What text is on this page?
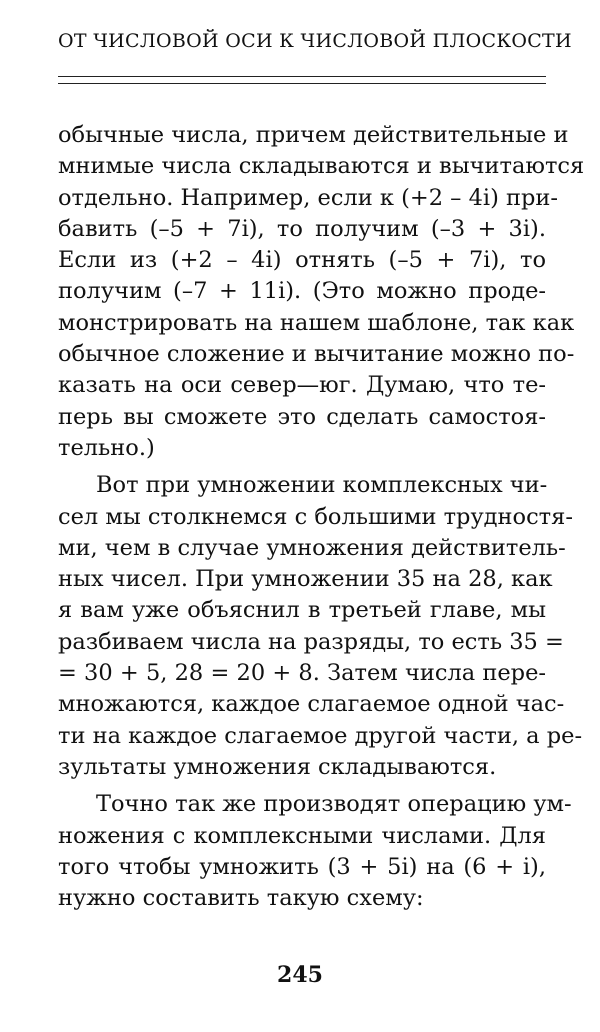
ОТ ЧИСЛОВОЙ ОСИ К ЧИСЛОВОЙ ПЛОСКОСТИ
обычные числа, причем действительные и
мнимые числа складываются и вычитаются
отдельно. Например, если к (+2 – 4i) при-
бавить (–5 + 7i), то получим (–3 + 3i).
Если из (+2 – 4i) отнять (–5 + 7i), то
получим (–7 + 11i). (Это можно проде-
монстрировать на нашем шаблоне, так как
обычное сложение и вычитание можно по-
казать на оси север—юг. Думаю, что те-
перь вы сможете это сделать самостоя-
тельно.)
Вот при умножении комплексных чи-
сел мы столкнемся с большими трудностя-
ми, чем в случае умножения действитель-
ных чисел. При умножении 35 на 28, как
я вам уже объяснил в третьей главе, мы
разбиваем числа на разряды, то есть 35 =
= 30 + 5, 28 = 20 + 8. Затем числа пере-
множаются, каждое слагаемое одной час-
ти на каждое слагаемое другой части, а ре-
зультаты умножения складываются.
Точно так же производят операцию ум-
ножения с комплексными числами. Для
того чтобы умножить (3 + 5i) на (6 + i),
нужно составить такую схему:
245
